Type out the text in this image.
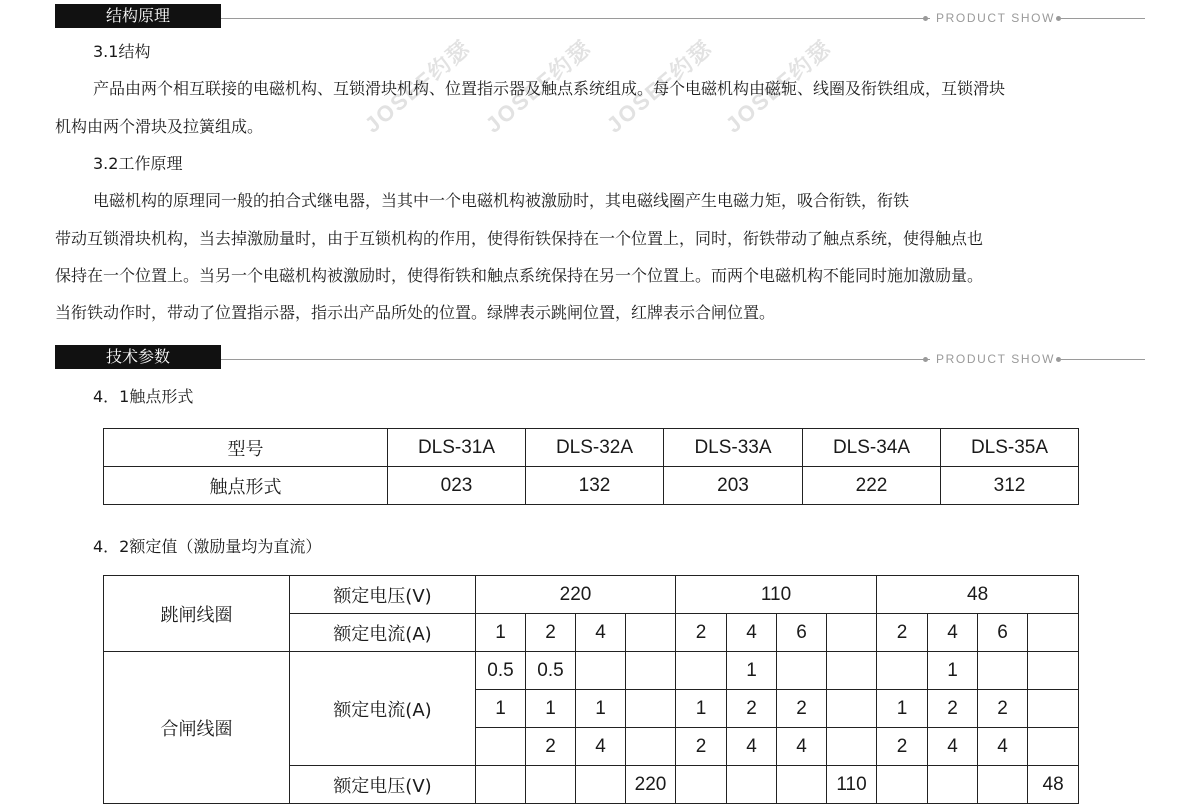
结构原理	PRODUCT SHOW
JOSEF约瑟 JOSEF约瑟 JOSEF约瑟 JOSEF约瑟
3.1结构
产品由两个相互联接的电磁机构、互锁滑块机构、位置指示器及触点系统组成。每个电磁机构由磁轭、线圈及衔铁组成，互锁滑块
机构由两个滑块及拉簧组成。
3.2工作原理
电磁机构的原理同一般的拍合式继电器，当其中一个电磁机构被激励时，其电磁线圈产生电磁力矩，吸合衔铁，衔铁
带动互锁滑块机构，当去掉激励量时，由于互锁机构的作用，使得衔铁保持在一个位置上，同时，衔铁带动了触点系统，使得触点也
保持在一个位置上。当另一个电磁机构被激励时，使得衔铁和触点系统保持在另一个位置上。而两个电磁机构不能同时施加激励量。
当衔铁动作时，带动了位置指示器，指示出产品所处的位置。绿牌表示跳闸位置，红牌表示合闸位置。
技术参数	PRODUCT SHOW
4．1触点形式
型号	DLS-31A	DLS-32A	DLS-33A	DLS-34A	DLS-35A
触点形式	023	132	203	222	312
4．2额定值（激励量均为直流）
跳闸线圈	额定电压(V)	220				110				48			
	额定电流(A)	1	2	4		2	4	6		2	4	6	
合闸线圈	额定电流(A)	0.5	0.5				1				1		
		1	1	1		1	2	2		1	2	2	
			2	4		2	4	4		2	4	4	
	额定电压(V)				220				110				48
